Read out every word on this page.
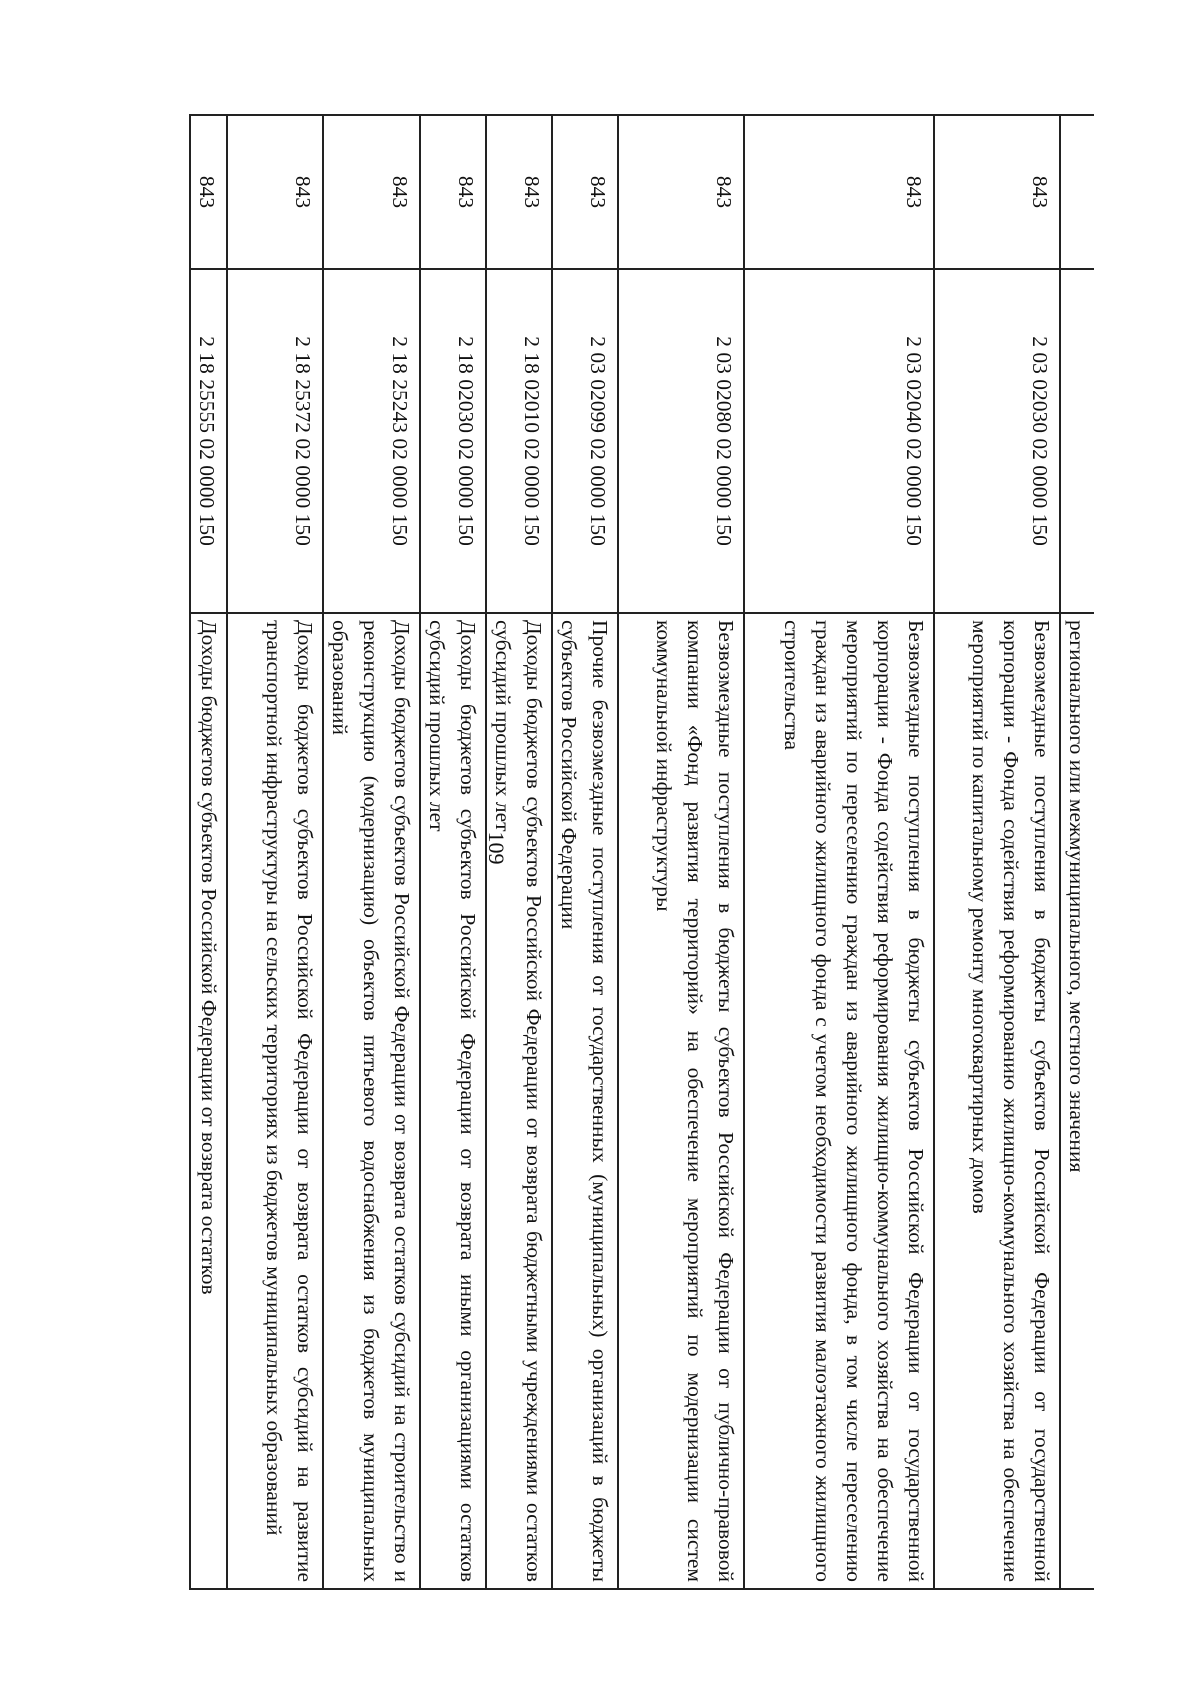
109
			регионального или межмуниципального, местного значения
843	2 03 02030 02 0000 150	Безвозмездные поступления в бюджеты субъектов Российской Федерации от государственной корпорации - Фонда содействия реформированию жилищно-коммунального хозяйства на обеспечение мероприятий по капитальному ремонту многоквартирных домов
843	2 03 02040 02 0000 150	Безвозмездные поступления в бюджеты субъектов Российской Федерации от государственной корпорации - Фонда содействия реформирования жилищно-коммунального хозяйства на обеспечение мероприятий по переселению граждан из аварийного жилищного фонда, в том числе переселению граждан из аварийного жилищного фонда с учетом необходимости развития малоэтажного жилищного строительства
843	2 03 02080 02 0000 150	Безвозмездные поступления в бюджеты субъектов Российской Федерации от публично-правовой компании «Фонд развития территорий» на обеспечение мероприятий по модернизации систем коммунальной инфраструктуры
843	2 03 02099 02 0000 150	Прочие безвозмездные поступления от государственных (муниципальных) организаций в бюджеты субъектов Российской Федерации
843	2 18 02010 02 0000 150	Доходы бюджетов субъектов Российской Федерации от возврата бюджетными учреждениями остатков субсидий прошлых лет
843	2 18 02030 02 0000 150	Доходы бюджетов субъектов Российской Федерации от возврата иными организациями остатков субсидий прошлых лет
843	2 18 25243 02 0000 150	Доходы бюджетов субъектов Российской Федерации от возврата остатков субсидий на строительство и реконструкцию (модернизацию) объектов питьевого водоснабжения из бюджетов муниципальных образований
843	2 18 25372 02 0000 150	Доходы бюджетов субъектов Российской Федерации от возврата остатков субсидий на развитие транспортной инфраструктуры на сельских территориях из бюджетов муниципальных образований
843	2 18 25555 02 0000 150	Доходы бюджетов субъектов Российской Федерации от возврата остатков
